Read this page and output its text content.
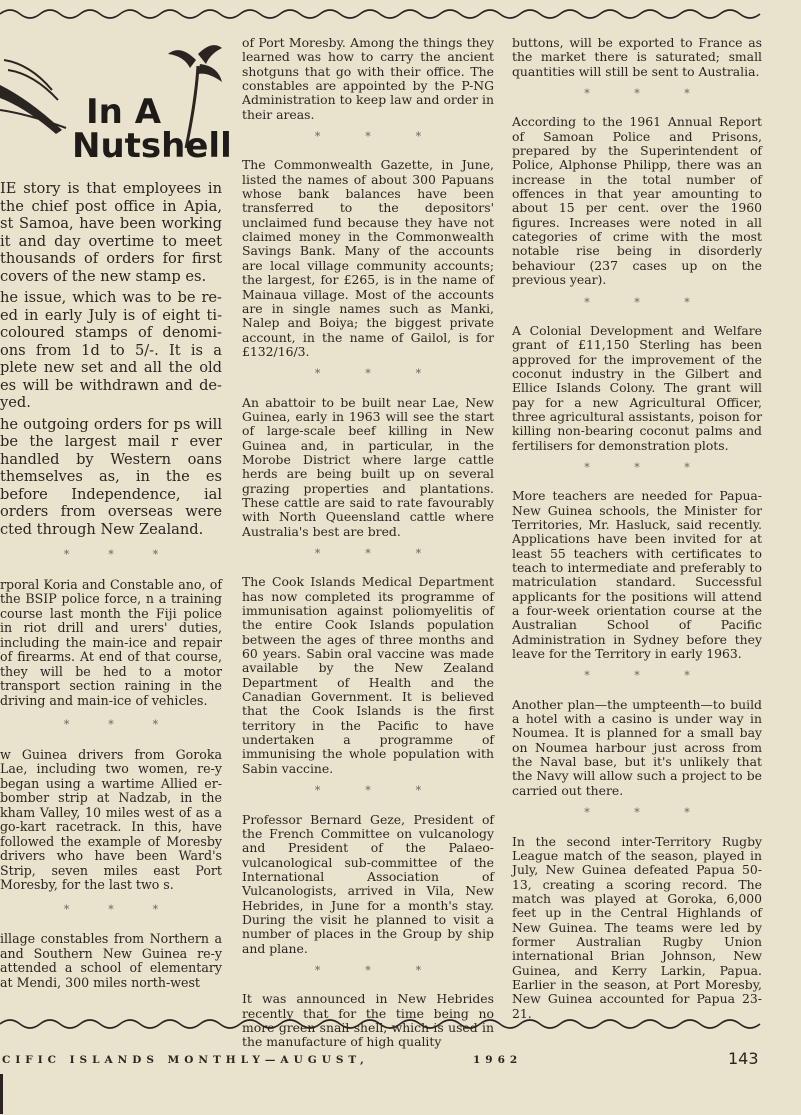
In A
Nutshell

IE story is that employees in the chief post office in Apia, st Samoa, have been working it and day overtime to meet thousands of orders for first covers of the new stamp es.

he issue, which was to be re-ed in early July is of eight ti-coloured stamps of denomi-ons from 1d to 5/-. It is a plete new set and all the old es will be withdrawn and de-yed.

he outgoing orders for ps will be the largest mail r ever handled by Western oans themselves as, in the es before Independence, ial orders from overseas were cted through New Zealand.

*	*	*

rporal Koria and Constable ano, of the BSIP police force, n a training course last month the Fiji police in riot drill and urers' duties, including the main-ice and repair of firearms. At end of that course, they will be hed to a motor transport section raining in the driving and main-ice of vehicles.

*	*	*

w Guinea drivers from Goroka Lae, including two women, re-y began using a wartime Allied er-bomber strip at Nadzab, in the kham Valley, 10 miles west of as a go-kart racetrack. In this, have followed the example of Moresby drivers who have been Ward's Strip, seven miles east Port Moresby, for the last two s.

*	*	*

illage constables from Northern a and Southern New Guinea re-y attended a school of elementary at Mendi, 300 miles north-west

of Port Moresby. Among the things they learned was how to carry the ancient shotguns that go with their office. The constables are appointed by the P-NG Administration to keep law and order in their areas.

*	*	*

The Commonwealth Gazette, in June, listed the names of about 300 Papuans whose bank balances have been transferred to the depositors' unclaimed fund because they have not claimed money in the Commonwealth Savings Bank. Many of the accounts are local village community accounts; the largest, for £265, is in the name of Mainaua village. Most of the accounts are in single names such as Manki, Nalep and Boiya; the biggest private account, in the name of Gailol, is for £132/16/3.

*	*	*

An abattoir to be built near Lae, New Guinea, early in 1963 will see the start of large-scale beef killing in New Guinea and, in particular, in the Morobe District where large cattle herds are being built up on several grazing properties and plantations. These cattle are said to rate favourably with North Queensland cattle where Australia's best are bred.

*	*	*

The Cook Islands Medical Department has now completed its programme of immunisation against poliomyelitis of the entire Cook Islands population between the ages of three months and 60 years. Sabin oral vaccine was made available by the New Zealand Department of Health and the Canadian Government. It is believed that the Cook Islands is the first territory in the Pacific to have undertaken a programme of immunising the whole population with Sabin vaccine.

*	*	*

Professor Bernard Geze, President of the French Committee on vulcanology and President of the Palaeo-vulcanological sub-committee of the International Association of Vulcanologists, arrived in Vila, New Hebrides, in June for a month's stay. During the visit he planned to visit a number of places in the Group by ship and plane.

*	*	*

It was announced in New Hebrides recently that for the time being no more green snail shell, which is used in the manufacture of high quality

buttons, will be exported to France as the market there is saturated; small quantities will still be sent to Australia.

*	*	*

According to the 1961 Annual Report of Samoan Police and Prisons, prepared by the Superintendent of Police, Alphonse Philipp, there was an increase in the total number of offences in that year amounting to about 15 per cent. over the 1960 figures. Increases were noted in all categories of crime with the most notable rise being in disorderly behaviour (237 cases up on the previous year).

*	*	*

A Colonial Development and Welfare grant of £11,150 Sterling has been approved for the improvement of the coconut industry in the Gilbert and Ellice Islands Colony. The grant will pay for a new Agricultural Officer, three agricultural assistants, poison for killing non-bearing coconut palms and fertilisers for demonstration plots.

*	*	*

More teachers are needed for Papua-New Guinea schools, the Minister for Territories, Mr. Hasluck, said recently. Applications have been invited for at least 55 teachers with certificates to teach to intermediate and preferably to matriculation standard. Successful applicants for the positions will attend a four-week orientation course at the Australian School of Pacific Administration in Sydney before they leave for the Territory in early 1963.

*	*	*

Another plan—the umpteenth—to build a hotel with a casino is under way in Noumea. It is planned for a small bay on Noumea harbour just across from the Naval base, but it's unlikely that the Navy will allow such a project to be carried out there.

*	*	*

In the second inter-Territory Rugby League match of the season, played in July, New Guinea defeated Papua 50-13, creating a scoring record. The match was played at Goroka, 6,000 feet up in the Central Highlands of New Guinea. The teams were led by former Australian Rugby Union international Brian Johnson, New Guinea, and Kerry Larkin, Papua. Earlier in the season, at Port Moresby, New Guinea accounted for Papua 23-21.

CIFIC ISLANDS MONTHLY—AUGUST,	1962	143
